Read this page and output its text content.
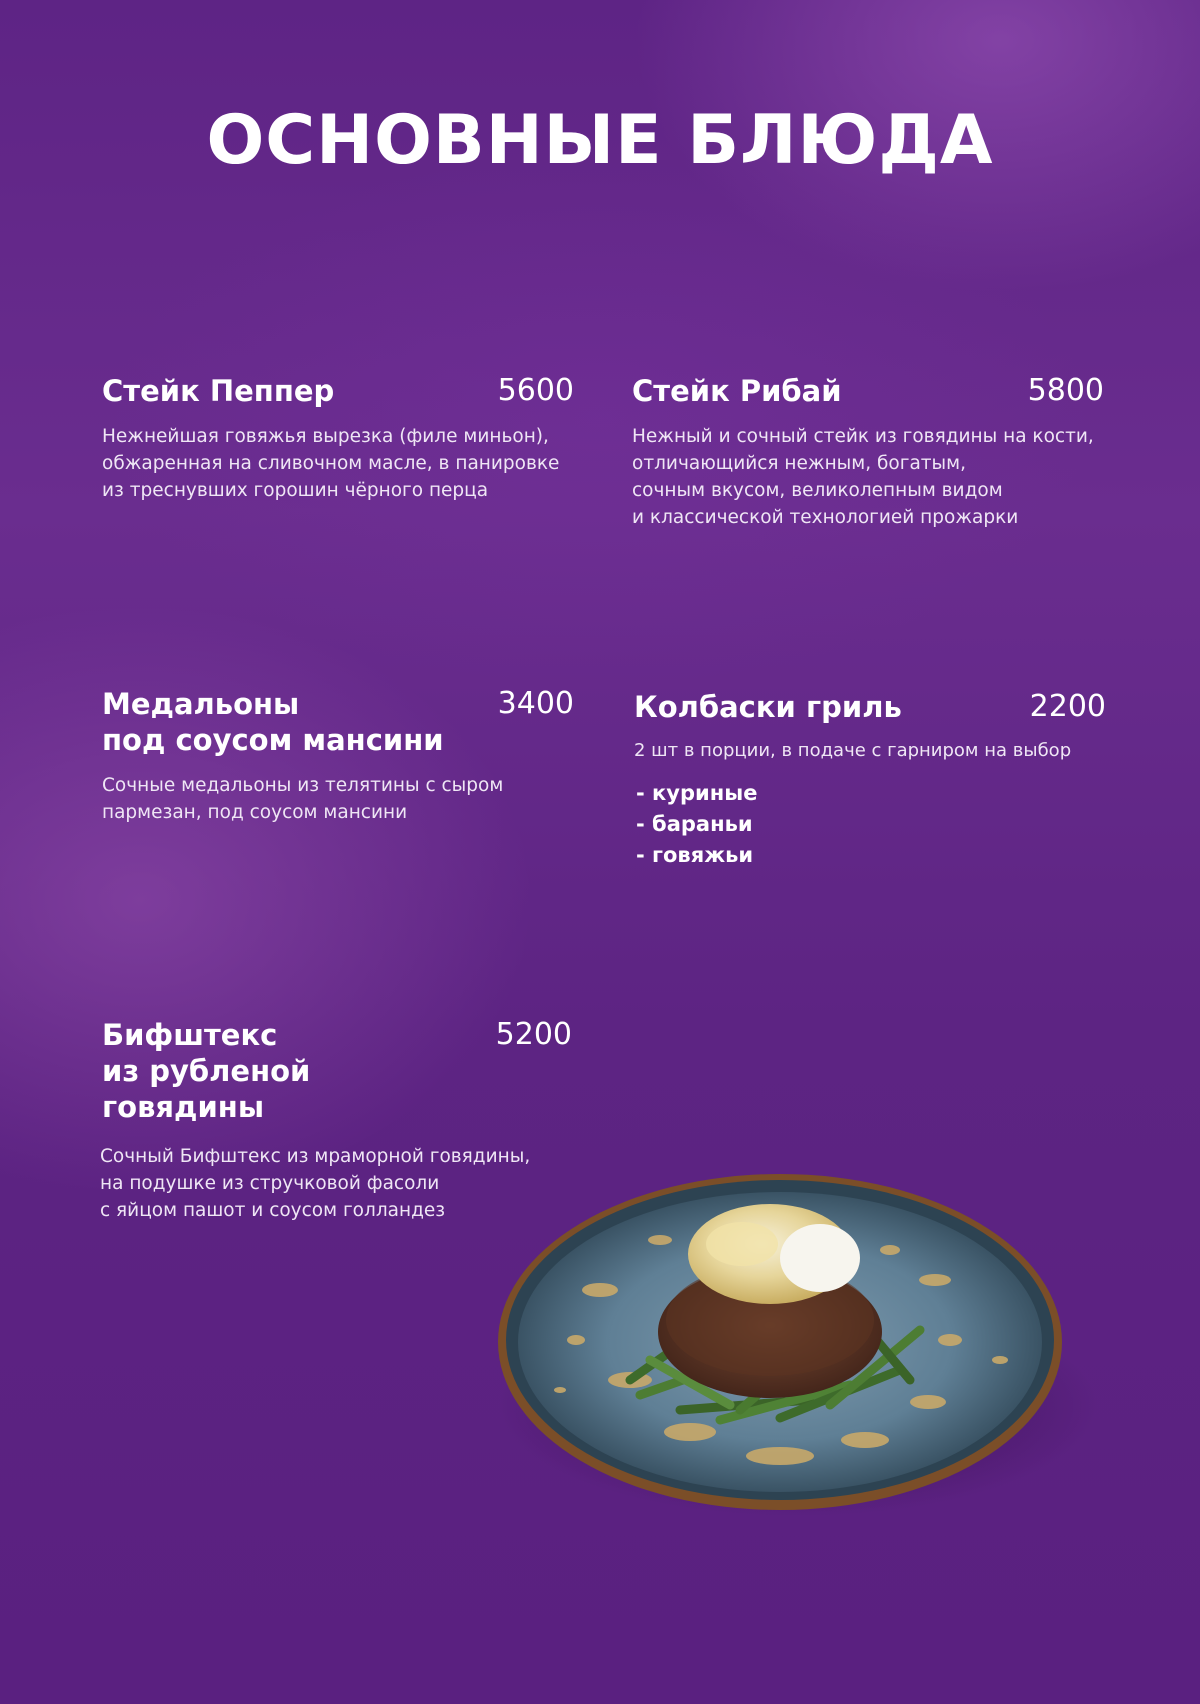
ОСНОВНЫЕ БЛЮДА
Стейк Пеппер	5600

Нежнейшая говяжья вырезка (филе миньон),
обжаренная на сливочном масле, в панировке
из треснувших горошин чёрного перца

Стейк Рибай	5800

Нежный и сочный стейк из говядины на кости,
отличающийся нежным, богатым,
сочным вкусом, великолепным видом
и классической технологией прожарки

Медальоны
под соусом мансини
3400

Сочные медальоны из телятины с сыром
пармезан, под соусом мансини

Колбаски гриль	2200

2 шт в порции, в подаче с гарниром на выбор

- куриные
- бараньи
- говяжьи
Бифштекс
из рубленой говядины
5200

Сочный Бифштекс из мраморной говядины,
на подушке из стручковой фасоли
с яйцом пашот и соусом голландез
